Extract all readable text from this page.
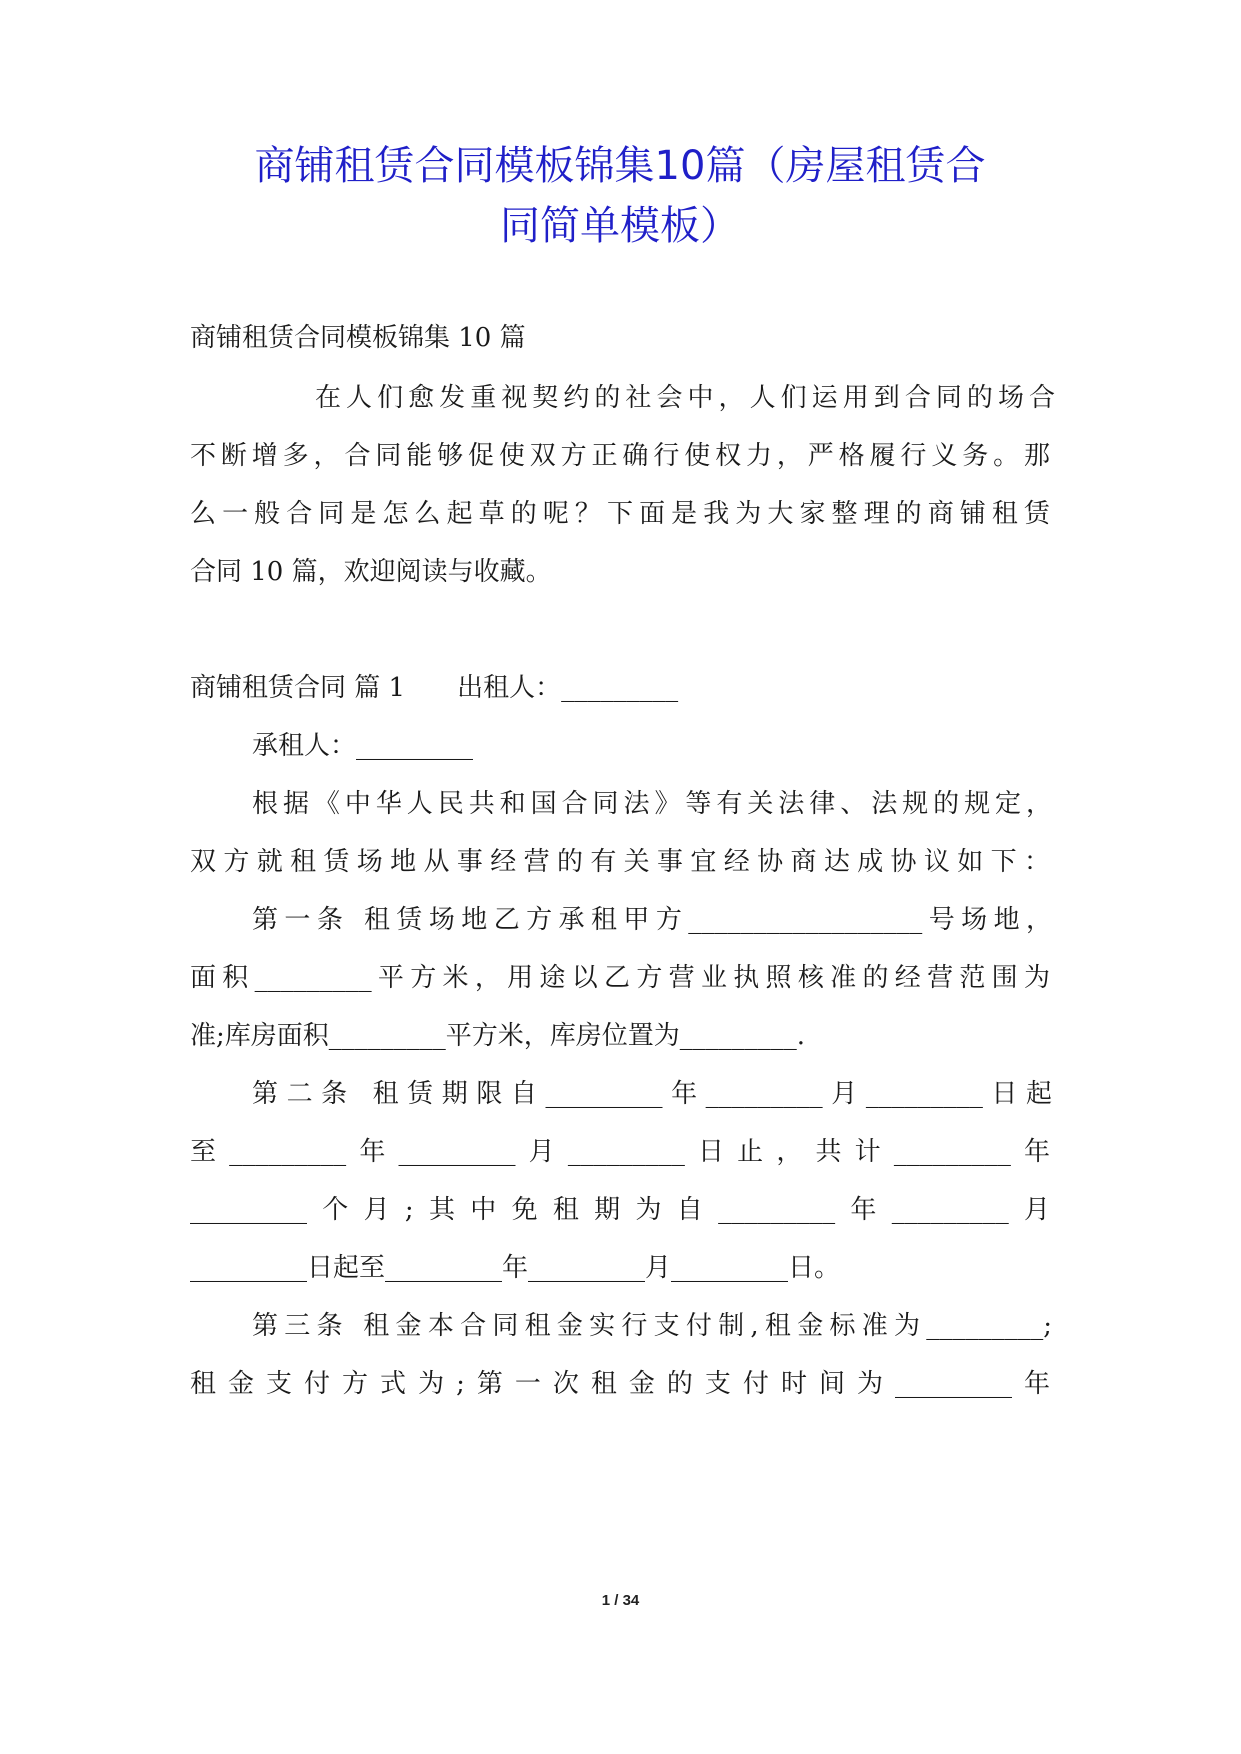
商铺租赁合同模板锦集10篇（房屋租赁合
同简单模板）
商铺租赁合同模板锦集 10 篇
在人们愈发重视契约的社会中，人们运用到合同的场合
不断增多，合同能够促使双方正确行使权力，严格履行义务。那
么一般合同是怎么起草的呢？下面是我为大家整理的商铺租赁
合同 10 篇，欢迎阅读与收藏。
商铺租赁合同 篇 1　　出租人：_________
承租人：_________
根据《中华人民共和国合同法》等有关法律、法规的规定，
双方就租赁场地从事经营的有关事宜经协商达成协议如下：
第一条 租赁场地乙方承租甲方__________________号场地，
面积_________平方米，用途以乙方营业执照核准的经营范围为
准;库房面积_________平方米，库房位置为_________.
第二条 租赁期限自_________年_________月_________日起
至_________年_________月_________日止，共计_________年
_________个月;其中免租期为自_________年_________月
_________日起至_________年_________月_________日。
第三条 租金本合同租金实行支付制,租金标准为_________;
租金支付方式为;第一次租金的支付时间为_________年
1 / 34
